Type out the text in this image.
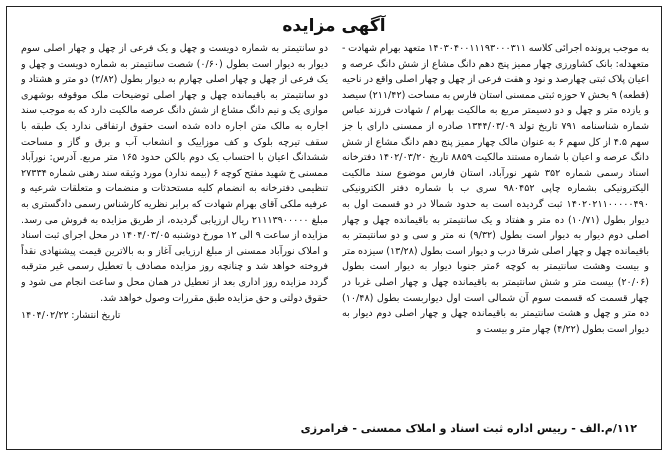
آگهی مزایده
به موجب پرونده اجرائی کلاسه ۱۴۰۳۰۴۰۰۱۱۱۹۳۰۰۰۳۱۱ متعهد بهرام شهادت - متعهدله: بانک کشاورزی چهار ممیز پنج دهم دانگ مشاع از شش دانگ عرصه و اعیان پلاک ثبتی چهارصد و نود و هفت فرعی از چهل و چهار اصلی واقع در ناحیه (قطعه) ۹ بخش ۷ حوزه ثبتی ممسنی استان فارس به مساحت (۲۱۱/۴۲) سیصد و یازده متر و چهل و دو دسیمتر مربع به مالکیت بهرام / شهادت فرزند عباس شماره شناسنامه ۷۹۱ تاریخ تولد ۱۳۴۴/۰۳/۰۹ صادره از ممسنی دارای با جز سهم ۴.۵ از کل سهم ۶ به عنوان مالک چهار ممیز پنج دهم دانگ مشاع از شش دانگ عرصه و اعیان با شماره مستند مالکیت ۸۸۵۹ تاریخ ۱۴۰۲/۰۳/۲۰ دفترخانه اسناد رسمی شماره ۳۵۲ شهر نورآباد، استان فارس موضوع سند مالکیت الیکترونیکی بشماره چاپی ۹۸۰۴۵۲ سری ب با شماره دفتر الکترونیکی ۱۴۰۲۰۲۱۱۰۰۰۰۰۴۹۰ ثبت گردیده است به حدود شمالا در دو قسمت اول به دیوار بطول (۱۰/۷۱) ده متر و هفتاد و یک سانتیمتر به باقیمانده چهل و چهار اصلی دوم دیوار به دیوار است بطول (۹/۳۲) نه متر و سی و دو سانتیمتر به باقیمانده چهل و چهار اصلی شرقا درب و دیوار است بطول (۱۳/۲۸) سیزده متر و بیست وهشت سانتیمتر به کوچه ۶متر جنوبا دیوار به دیوار است بطول (۲۰/۰۶) بیست متر و شش سانتیمتر به باقیمانده چهل و چهار اصلی غربا در چهار قسمت که قسمت سوم آن شمالی است اول دیواربست بطول (۱۰/۴۸) ده متر و چهل و هشت سانتیمتر به باقیمانده چهل و چهار اصلی دوم دیوار به دیوار است بطول (۴/۲۲) چهار متر و بیست و
دو سانتیمتر به شماره دویست و چهل و یک فرعی از چهل و چهار اصلی سوم دیوار به دیوار است بطول (۰/۶۰) شصت سانتیمتر به شماره دویست و چهل و یک فرعی از چهل و چهار اصلی چهارم به دیوار بطول (۲/۸۲) دو متر و هشتاد و دو سانتیمتر به باقیمانده چهل و چهار اصلی توضیحات ملک موقوفه بوشهری موازی یک و نیم دانگ مشاع از شش دانگ عرصه مالکیت دارد که به موجب سند اجاره به مالک متن اجاره داده شده است حقوق ارتفاقی ندارد یک طبقه با سقف تیرچه بلوک و کف موزاییک و انشعاب آب و برق و گاز و مساحت ششدانگ اعیان با احتساب یک دوم بالکن حدود ۱۶۵ متر مربع. آدرس: نورآباد ممسنی خ شهید مفتح کوچه ۶ (بیمه ندارد) مورد وثیقه سند رهنی شماره ۲۷۳۳۴ تنظیمی دفترخانه به انضمام کلیه مستحدثات و منضمات و متعلقات شرعیه و عرفیه ملکی آقای بهرام شهادت که برابر نظریه کارشناس رسمی دادگستری به مبلغ ۲۱۱۱۳۹۰۰۰۰۰ ریال ارزیابی گردیده، از طریق مزایده به فروش می رسد. مزایده از ساعت ۹ الی ۱۲ مورخ دوشنبه ۱۴۰۴/۰۳/۰۵ در محل اجرای ثبت اسناد و املاک نورآباد ممسنی از مبلغ ارزیابی آغاز و به بالاترین قیمت پیشنهادی نقداً فروخته خواهد شد و چنانچه روز مزایده مصادف با تعطیل رسمی غیر مترقبه گردد مزایده روز اداری بعد از تعطیل در همان محل و ساعت انجام می شود و حقوق دولتی و حق مزایده طبق مقررات وصول خواهد شد.
تاریخ انتشار: ۱۴۰۴/۰۲/۲۲
۱۱۲/م.الف - رییس اداره ثبت اسناد و املاک ممسنی - فرامرزی
